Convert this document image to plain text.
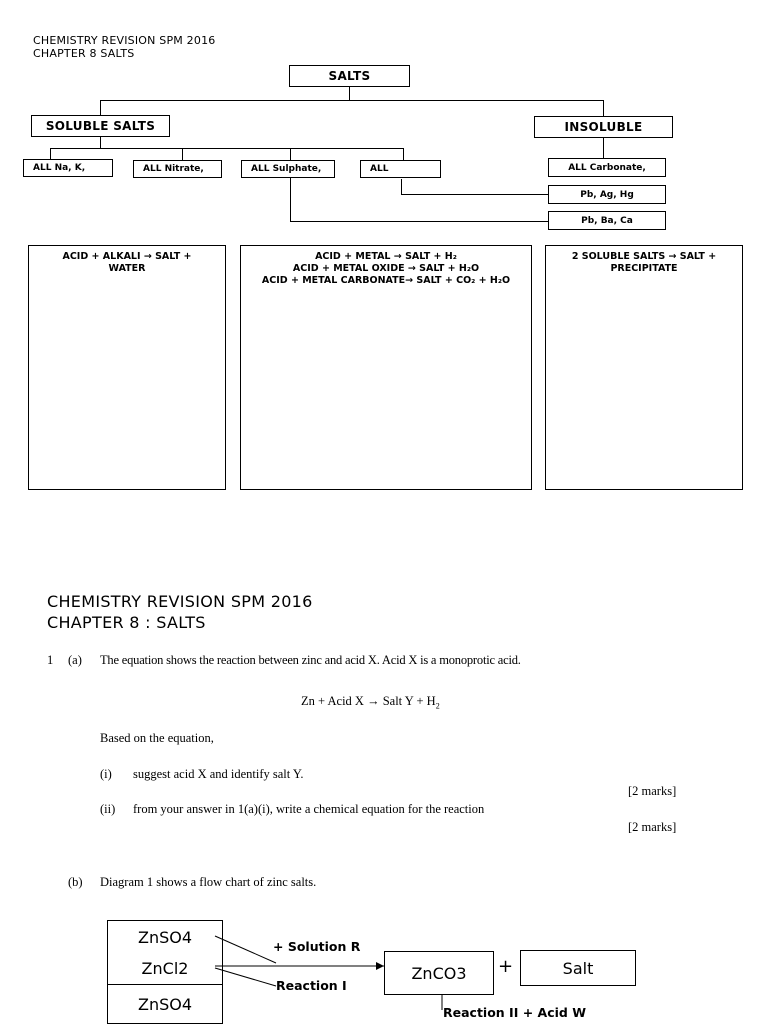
CHEMISTRY REVISION SPM 2016
CHAPTER 8 SALTS
SALTS
SOLUBLE SALTS	INSOLUBLE
ALL Na, K,	ALL Nitrate,	ALL Sulphate,	ALL	ALL Carbonate,
Pb, Ag, Hg
Pb, Ba, Ca
ACID + ALKALI → SALT + WATER
ACID + METAL → SALT + H₂
ACID + METAL OXIDE → SALT + H₂O
ACID + METAL CARBONATE→ SALT + CO₂ + H₂O
2 SOLUBLE SALTS → SALT + PRECIPITATE
CHEMISTRY REVISION SPM 2016
CHAPTER 8 : SALTS
1 (a) The equation shows the reaction between zinc and acid X. Acid X is a monoprotic acid.
Zn + Acid X → Salt $Y + H_2$
Based on the equation,
(i) suggest acid X and identify salt Y.
[2 marks]
(ii) from your answer in 1(a)(i), write a chemical equation for the reaction
[2 marks]
(b) Diagram 1 shows a flow chart of zinc salts.
ZnSO4
ZnCl2
ZnSO4
+ Solution R
Reaction I
ZnCO3	+	Salt
Reaction II + Acid W
